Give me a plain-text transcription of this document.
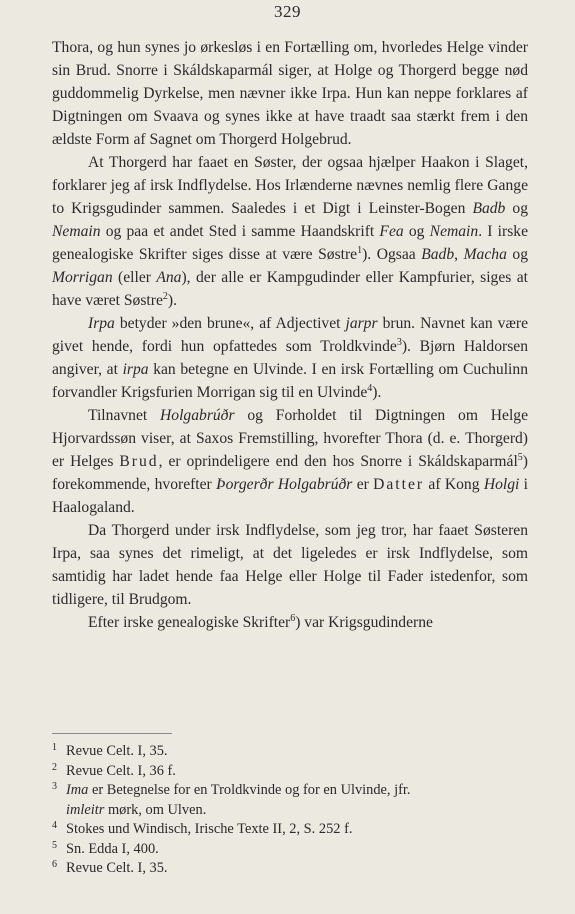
329

Thora, og hun synes jo ørkesløs i en Fortælling om, hvorledes Helge vinder sin Brud. Snorre i Skáldskaparmál siger, at Holge og Thorgerd begge nød guddommelig Dyrkelse, men nævner ikke Irpa. Hun kan neppe forklares af Digtningen om Svaava og synes ikke at have traadt saa stærkt frem i den ældste Form af Sagnet om Thorgerd Holgebrud.

At Thorgerd har faaet en Søster, der ogsaa hjælper Haakon i Slaget, forklarer jeg af irsk Indflydelse. Hos Irlænderne nævnes nemlig flere Gange to Krigsgudinder sammen. Saaledes i et Digt i Leinster-Bogen Badb og Nemain og paa et andet Sted i samme Haandskrift Fea og Nemain. I irske genealogiske Skrifter siges disse at være Søstre$^1$). Ogsaa Badb, Macha og Morrigan (eller Ana), der alle er Kampgudinder eller Kampfurier, siges at have været Søstre$^2$).

Irpa betyder »den brune«, af Adjectivet jarpr brun. Navnet kan være givet hende, fordi hun opfattedes som Troldkvinde$^3$). Bjørn Haldorsen angiver, at irpa kan betegne en Ulvinde. I en irsk Fortælling om Cuchulinn forvandler Krigsfurien Morrigan sig til en Ulvinde$^4$).

Tilnavnet Holgabrúðr og Forholdet til Digtningen om Helge Hjorvardssøn viser, at Saxos Fremstilling, hvorefter Thora (d. e. Thorgerd) er Helges Brud, er oprindeligere end den hos Snorre i Skáldskaparmál$^5$) forekommende, hvorefter Þorgerðr Holgabrúðr er Datter af Kong Holgi i Haalogaland.

Da Thorgerd under irsk Indflydelse, som jeg tror, har faaet Søsteren Irpa, saa synes det rimeligt, at det ligeledes er irsk Indflydelse, som samtidig har ladet hende faa Helge eller Holge til Fader istedenfor, som tidligere, til Brudgom.

Efter irske genealogiske Skrifter$^6$) var Krigsgudinderne

1 Revue Celt. I, 35.
2 Revue Celt. I, 36 f.
3 Ima er Betegnelse for en Troldkvinde og for en Ulvinde, jfr.
imleitr mørk, om Ulven.
4 Stokes und Windisch, Irische Texte II, 2, S. 252 f.
5 Sn. Edda I, 400.
6 Revue Celt. I, 35.
